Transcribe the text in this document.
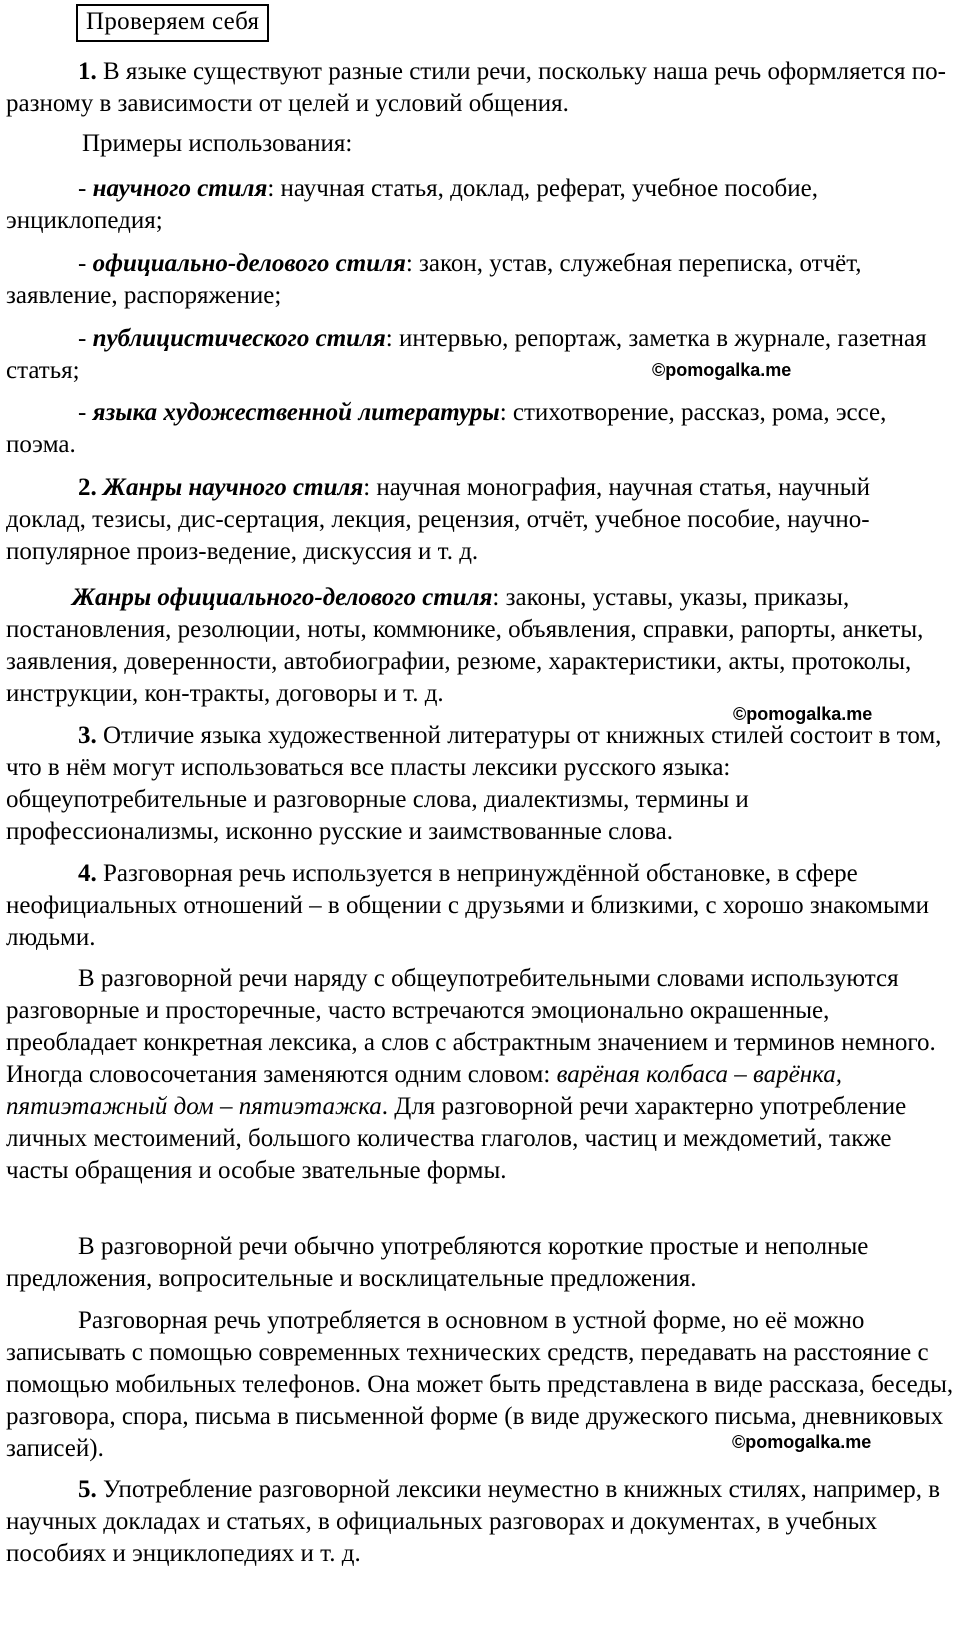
Проверяем себя
1. В языке существуют разные стили речи, поскольку наша речь оформляется по-разному в зависимости от целей и условий общения.
Примеры использования:
- научного стиля: научная статья, доклад, реферат, учебное пособие, энциклопедия;
- официально-делового стиля: закон, устав, служебная переписка, отчёт, заявление, распоряжение;
- публицистического стиля: интервью, репортаж, заметка в журнале, газетная статья;	©pomogalka.me
- языка художественной литературы: стихотворение, рассказ, рома, эссе, поэма.
2. Жанры научного стиля: научная монография, научная статья, научный доклад, тезисы, дис-сертация, лекция, рецензия, отчёт, учебное пособие, научно-популярное произ-ведение, дискуссия и т. д.
Жанры официального-делового стиля: законы, уставы, указы, приказы, постановления, резолюции, ноты, коммюнике, объявления, справки, рапорты, анкеты, заявления, доверенности, автобиографии, резюме, характеристики, акты, протоколы, инструкции, кон-тракты, договоры и т. д.
©pomogalka.me
3. Отличие языка художественной литературы от книжных стилей состоит в том, что в нём могут использоваться все пласты лексики русского языка: общеупотребительные и разговорные слова, диалектизмы, термины и профессионализмы, исконно русские и заимствованные слова.
4. Разговорная речь используется в непринуждённой обстановке, в сфере неофициальных отношений – в общении с друзьями и близкими, с хорошо знакомыми людьми.
В разговорной речи наряду с общеупотребительными словами используются разговорные и просторечные, часто встречаются эмоционально окрашенные, преобладает конкретная лексика, а слов с абстрактным значением и терминов немного. Иногда словосочетания заменяются одним словом: варёная колбаса – варёнка, пятиэтажный дом – пятиэтажка. Для разговорной речи характерно употребление личных местоимений, большого количества глаголов, частиц и междометий, также часты обращения и особые звательные формы.
В разговорной речи обычно употребляются короткие простые и неполные предложения, вопросительные и восклицательные предложения.
Разговорная речь употребляется в основном в устной форме, но её можно записывать с помощью современных технических средств, передавать на расстояние с помощью мобильных телефонов. Она может быть представлена в виде рассказа, беседы, разговора, спора, письма в письменной форме (в виде дружеского письма, дневниковых записей).	©pomogalka.me
5. Употребление разговорной лексики неуместно в книжных стилях, например, в научных докладах и статьях, в официальных разговорах и документах, в учебных пособиях и энциклопедиях и т. д.
